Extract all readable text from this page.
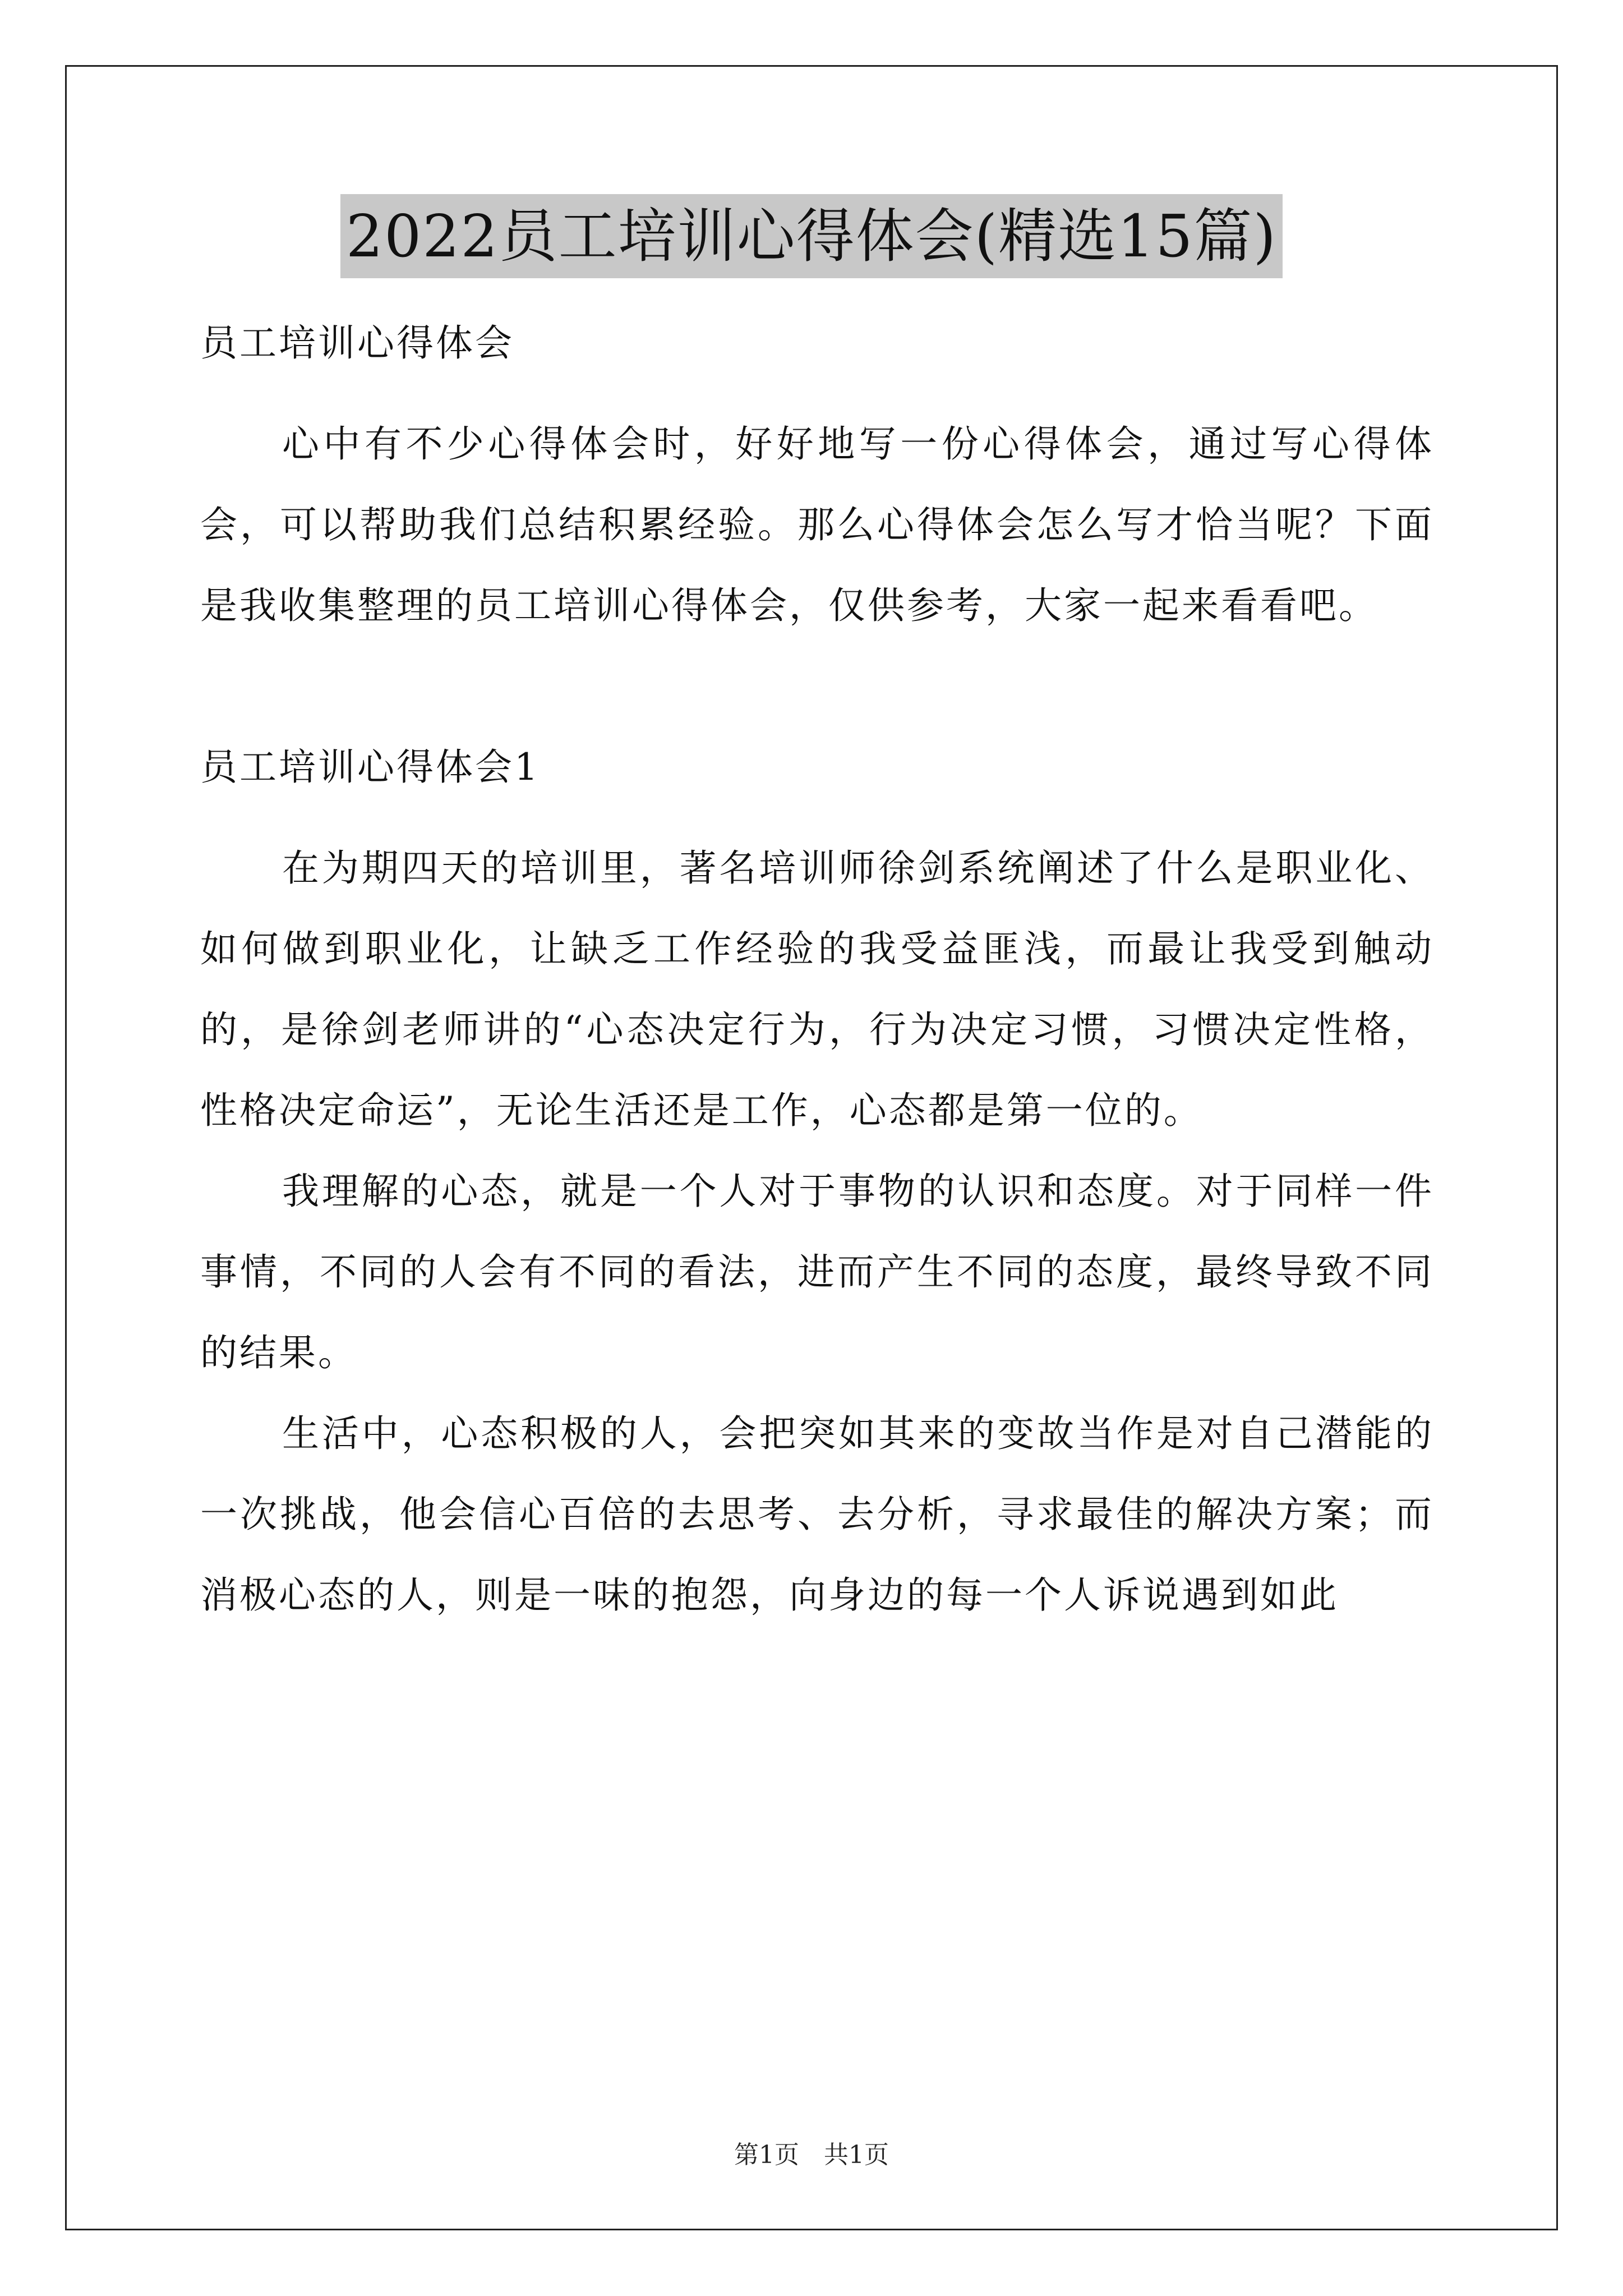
2022员工培训心得体会(精选15篇)

员工培训心得体会

心中有不少心得体会时，好好地写一份心得体会，通过写心得体会，可以帮助我们总结积累经验。那么心得体会怎么写才恰当呢？下面是我收集整理的员工培训心得体会，仅供参考，大家一起来看看吧。

员工培训心得体会1

在为期四天的培训里，著名培训师徐剑系统阐述了什么是职业化、如何做到职业化，让缺乏工作经验的我受益匪浅，而最让我受到触动的，是徐剑老师讲的“心态决定行为，行为决定习惯，习惯决定性格，性格决定命运”，无论生活还是工作，心态都是第一位的。

我理解的心态，就是一个人对于事物的认识和态度。对于同样一件事情，不同的人会有不同的看法，进而产生不同的态度，最终导致不同的结果。

生活中，心态积极的人，会把突如其来的变故当作是对自己潜能的一次挑战，他会信心百倍的去思考、去分析，寻求最佳的解决方案；而消极心态的人，则是一味的抱怨，向身边的每一个人诉说遇到如此

第1页 共1页
